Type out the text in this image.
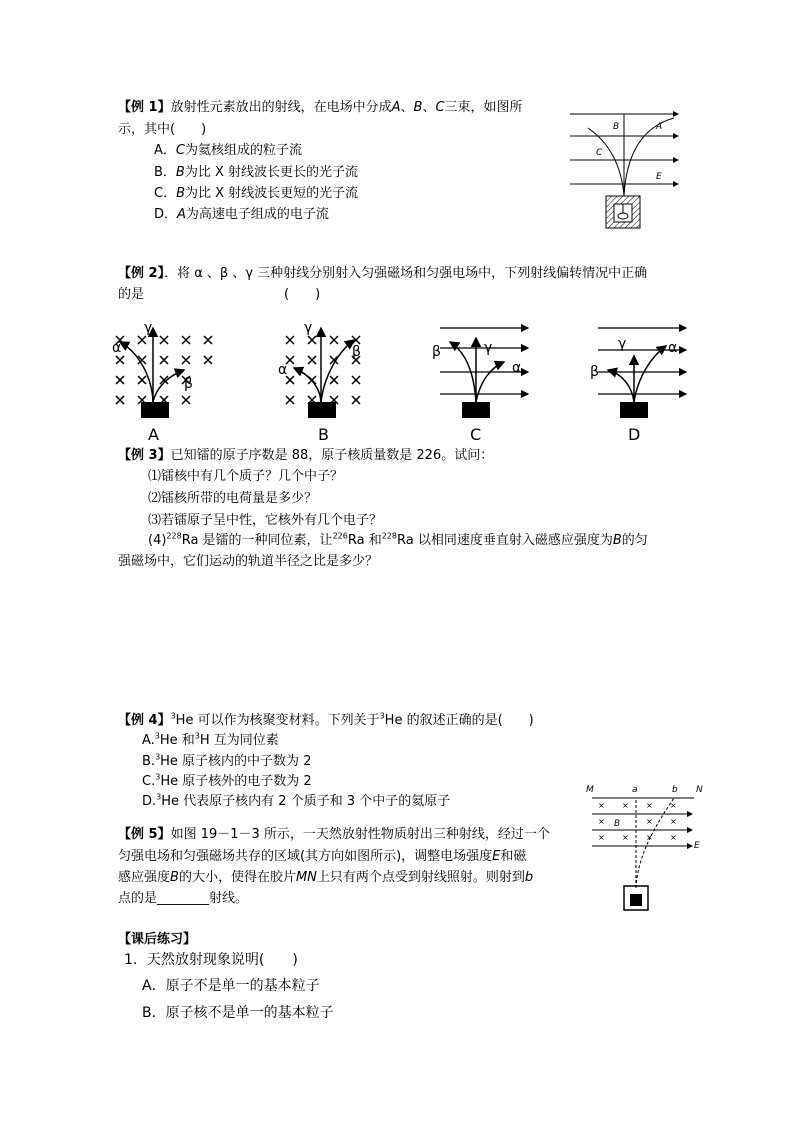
【例 1】放射性元素放出的射线，在电场中分成A、B、C三束，如图所
示，其中(　　)
A．C为氦核组成的粒子流
B．B为比 X 射线波长更长的光子流
C．B为比 X 射线波长更短的光子流
D．A为高速电子组成的电子流
B	A
C
E
【例 2】．将 α 、β 、γ 三种射线分别射入匀强磁场和匀强电场中，下列射线偏转情况中正确
的是	(　　)
γ
α
β
A
γ
α
β
B
γ
β
α
C
γ
β
α
D
【例 3】已知镭的原子序数是 88，原子核质量数是 226。试问：
⑴镭核中有几个质子？几个中子？
⑵镭核所带的电荷量是多少？
⑶若镭原子呈中性，它核外有几个电子？
$(4)^{228}Ra$ 是镭的一种同位素，让$^{226}$Ra 和$^{228}$Ra 以相同速度垂直射入磁感应强度为B的匀
强磁场中，它们运动的轨道半径之比是多少？
【例 4】$^3$He 可以作为核聚变材料。下列关于$^3$He 的叙述正确的是(　　)
A.$^3$He 和$^3$H 互为同位素
B.$^3$He 原子核内的中子数为 2
C.$^3$He 原子核外的电子数为 2
D.$^3$He 代表原子核内有 2 个质子和 3 个中子的氦原子
【例 5】如图 19－1－3 所示，一天然放射性物质射出三种射线，经过一个
匀强电场和匀强磁场共存的区域(其方向如图所示)，调整电场强度E和磁
感应强度B的大小，使得在胶片MN上只有两个点受到射线照射。则射到b
点的是________射线。
M	a	b N
× × × ×
×	× ×
× × × ×
B
E
【课后练习】
1．天然放射现象说明(　　)
A．原子不是单一的基本粒子
B．原子核不是单一的基本粒子
